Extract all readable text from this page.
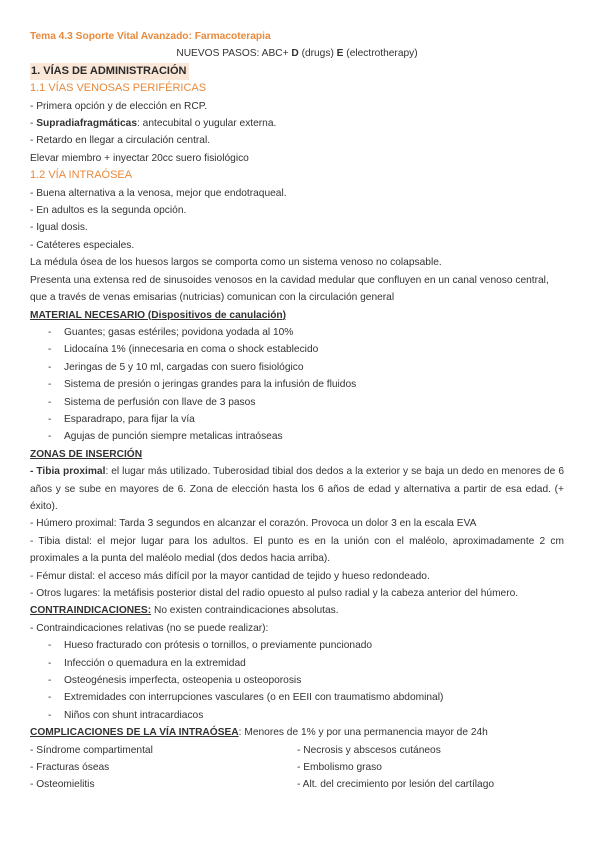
Tema 4.3 Soporte Vital Avanzado: Farmacoterapia
NUEVOS PASOS: ABC+ D (drugs) E (electrotherapy)
1. VÍAS DE ADMINISTRACIÓN
1.1 VÍAS VENOSAS PERIFÉRICAS
- Primera opción y de elección en RCP.
- Supradiafragmáticas: antecubital o yugular externa.
- Retardo en llegar a circulación central.
Elevar miembro + inyectar 20cc suero fisiológico
1.2 VÍA INTRAÓSEA
- Buena alternativa a la venosa, mejor que endotraqueal.
- En adultos es la segunda opción.
- Igual dosis.
- Catéteres especiales.
La médula ósea de los huesos largos se comporta como un sistema venoso no colapsable.
Presenta una extensa red de sinusoides venosos en la cavidad medular que confluyen en un canal venoso central, que a través de venas emisarias (nutricias) comunican con la circulación general
MATERIAL NECESARIO (Dispositivos de canulación)
- Guantes; gasas estériles; povidona yodada al 10%
- Lidocaína 1% (innecesaria en coma o shock establecido
- Jeringas de 5 y 10 ml, cargadas con suero fisiológico
- Sistema de presión o jeringas grandes para la infusión de fluidos
- Sistema de perfusión con llave de 3 pasos
- Esparadrapo, para fijar la vía
- Agujas de punción siempre metalicas intraóseas
ZONAS DE INSERCIÓN
- Tibia proximal: el lugar más utilizado. Tuberosidad tibial dos dedos a la exterior y se baja un dedo en menores de 6 años y se sube en mayores de 6. Zona de elección hasta los 6 años de edad y alternativa a partir de esa edad. (+ éxito).
- Húmero proximal: Tarda 3 segundos en alcanzar el corazón. Provoca un dolor 3 en la escala EVA
- Tibia distal: el mejor lugar para los adultos. El punto es en la unión con el maléolo, aproximadamente 2 cm proximales a la punta del maléolo medial (dos dedos hacia arriba).
- Fémur distal: el acceso más difícil por la mayor cantidad de tejido y hueso redondeado.
- Otros lugares: la metáfisis posterior distal del radio opuesto al pulso radial y la cabeza anterior del húmero.
CONTRAINDICACIONES: No existen contraindicaciones absolutas.
- Contraindicaciones relativas (no se puede realizar):
- Hueso fracturado con prótesis o tornillos, o previamente puncionado
- Infección o quemadura en la extremidad
- Osteogénesis imperfecta, osteopenia u osteoporosis
- Extremidades con interrupciones vasculares (o en EEII con traumatismo abdominal)
- Niños con shunt intracardiacos
COMPLICACIONES DE LA VÍA INTRAÓSEA: Menores de 1% y por una permanencia mayor de 24h
- Síndrome compartimental
- Fracturas óseas
- Osteomielitis
- Necrosis y abscesos cutáneos
- Embolismo graso
- Alt. del crecimiento por lesión del cartílago
